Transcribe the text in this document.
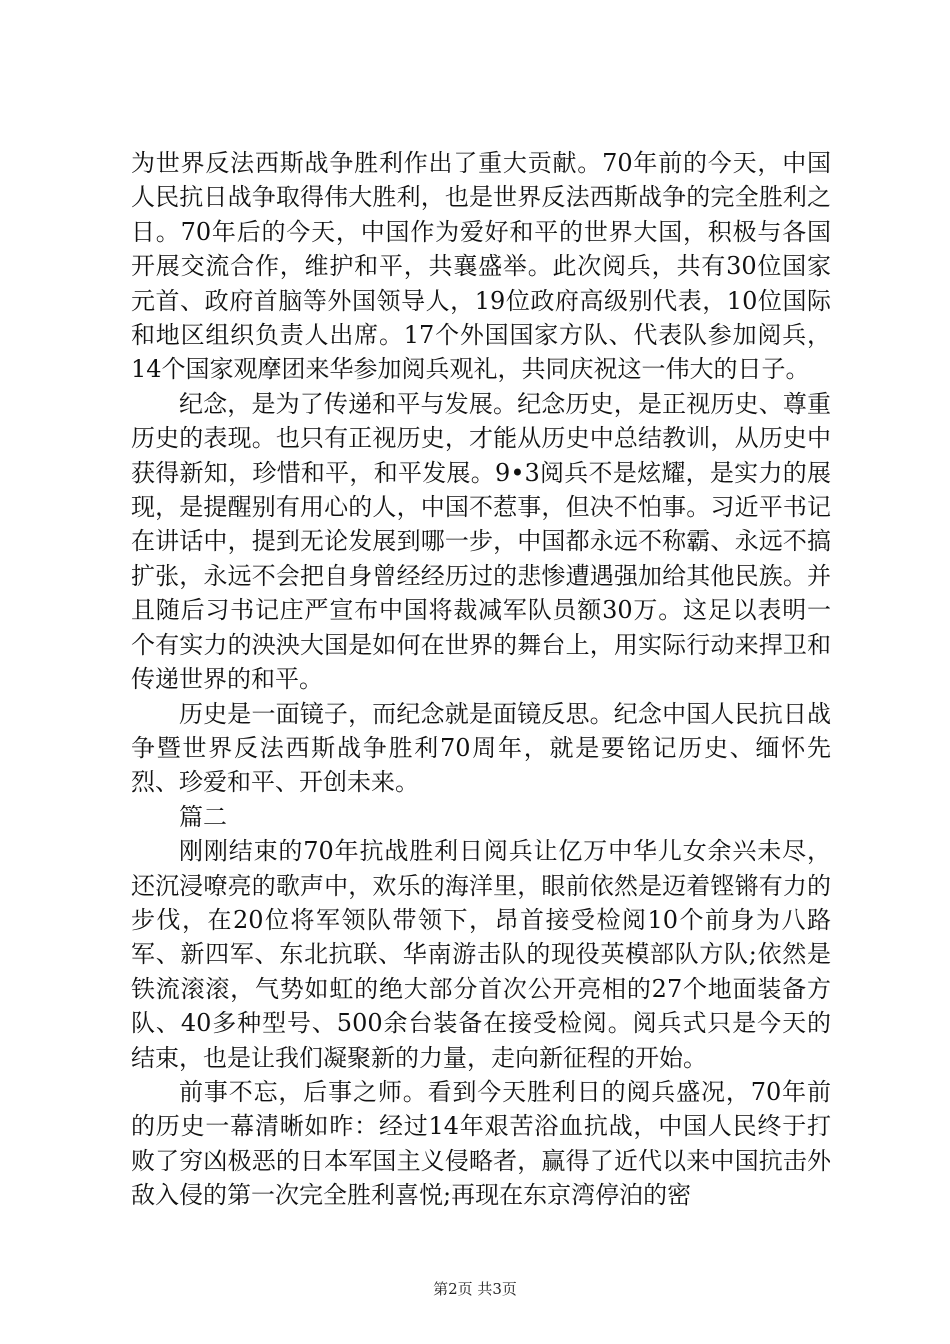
为世界反法西斯战争胜利作出了重大贡献。70年前的今天，中国人民抗日战争取得伟大胜利，也是世界反法西斯战争的完全胜利之日。70年后的今天，中国作为爱好和平的世界大国，积极与各国开展交流合作，维护和平，共襄盛举。此次阅兵，共有30位国家元首、政府首脑等外国领导人，19位政府高级别代表，10位国际和地区组织负责人出席。17个外国国家方队、代表队参加阅兵，14个国家观摩团来华参加阅兵观礼，共同庆祝这一伟大的日子。

纪念，是为了传递和平与发展。纪念历史，是正视历史、尊重历史的表现。也只有正视历史，才能从历史中总结教训，从历史中获得新知，珍惜和平，和平发展。9•3阅兵不是炫耀，是实力的展现，是提醒别有用心的人，中国不惹事，但决不怕事。习近平书记在讲话中，提到无论发展到哪一步，中国都永远不称霸、永远不搞扩张，永远不会把自身曾经经历过的悲惨遭遇强加给其他民族。并且随后习书记庄严宣布中国将裁减军队员额30万。这足以表明一个有实力的泱泱大国是如何在世界的舞台上，用实际行动来捍卫和传递世界的和平。

历史是一面镜子，而纪念就是面镜反思。纪念中国人民抗日战争暨世界反法西斯战争胜利70周年，就是要铭记历史、缅怀先烈、珍爱和平、开创未来。

篇二

刚刚结束的70年抗战胜利日阅兵让亿万中华儿女余兴未尽，还沉浸嘹亮的歌声中，欢乐的海洋里，眼前依然是迈着铿锵有力的步伐，在20位将军领队带领下，昂首接受检阅10个前身为八路军、新四军、东北抗联、华南游击队的现役英模部队方队;依然是铁流滚滚，气势如虹的绝大部分首次公开亮相的27个地面装备方队、40多种型号、500余台装备在接受检阅。阅兵式只是今天的结束，也是让我们凝聚新的力量，走向新征程的开始。

前事不忘，后事之师。看到今天胜利日的阅兵盛况，70年前的历史一幕清晰如昨：经过14年艰苦浴血抗战，中国人民终于打败了穷凶极恶的日本军国主义侵略者，赢得了近代以来中国抗击外敌入侵的第一次完全胜利喜悦;再现在东京湾停泊的密

第2页 共3页
